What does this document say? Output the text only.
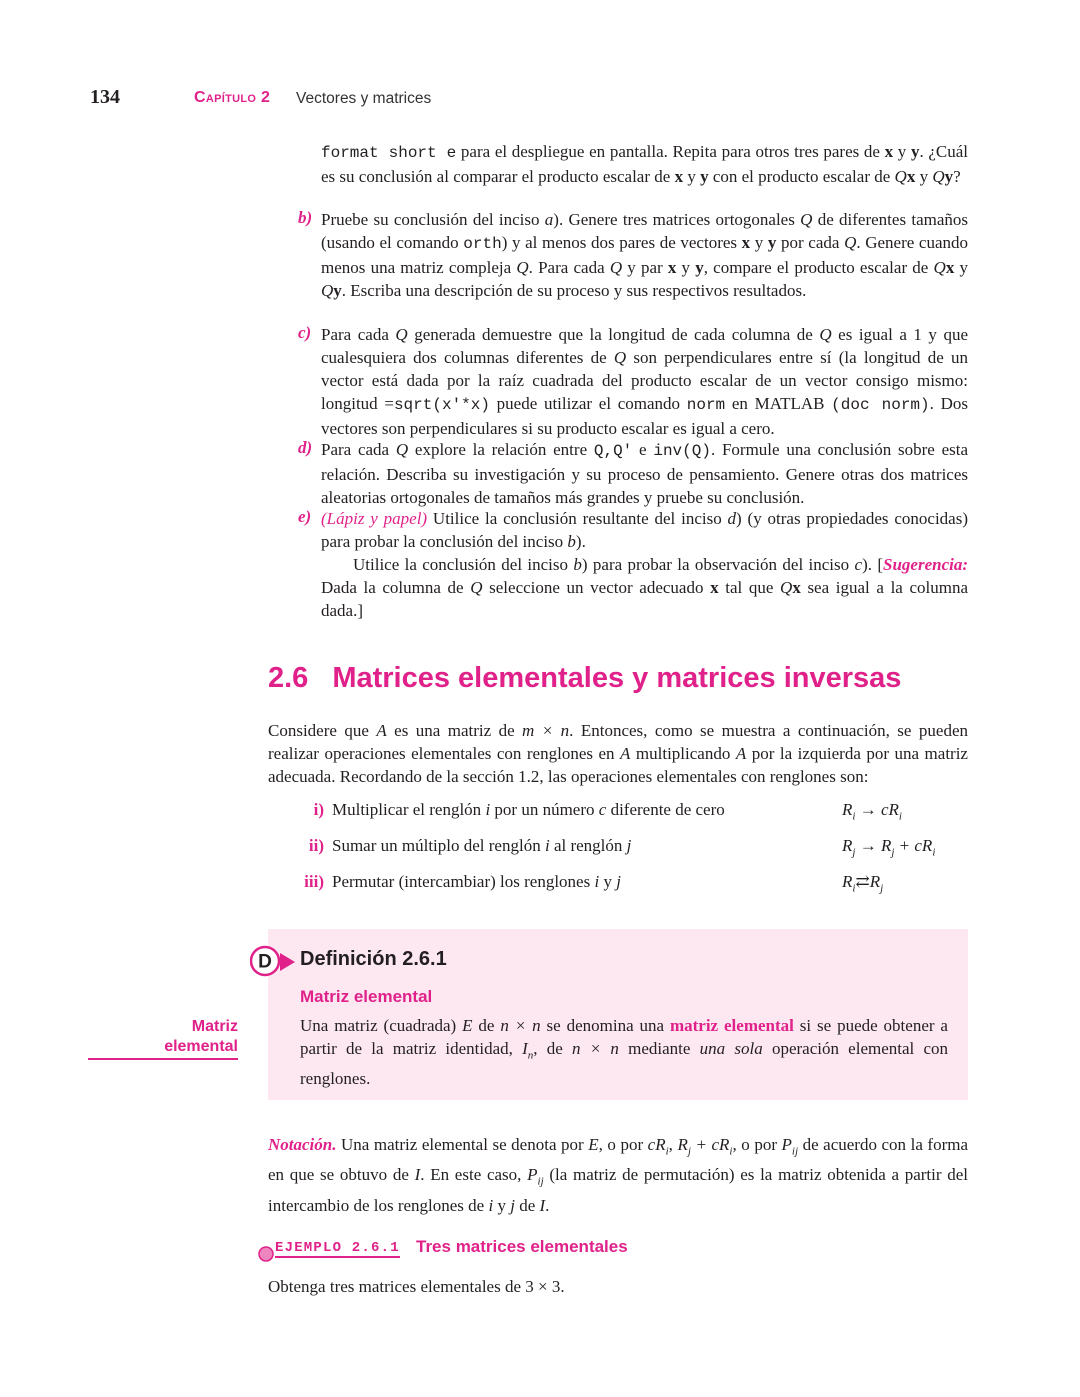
134	Capítulo 2 Vectores y matrices

format short e para el despliegue en pantalla. Repita para otros tres pares de x y y. ¿Cuál es su conclusión al comparar el producto escalar de x y y con el producto escalar de Qx y Qy?

b) Pruebe su conclusión del inciso a). Genere tres matrices ortogonales Q de diferentes tamaños (usando el comando orth) y al menos dos pares de vectores x y y por cada Q. Genere cuando menos una matriz compleja Q. Para cada Q y par x y y, compare el producto escalar de Qx y Qy. Escriba una descripción de su proceso y sus respectivos resultados.

c) Para cada Q generada demuestre que la longitud de cada columna de Q es igual a 1 y que cualesquiera dos columnas diferentes de Q son perpendiculares entre sí (la longitud de un vector está dada por la raíz cuadrada del producto escalar de un vector consigo mismo: longitud =sqrt(x'*x) puede utilizar el comando norm en MATLAB (doc norm). Dos vectores son perpendiculares si su producto escalar es igual a cero.

d) Para cada Q explore la relación entre Q,Q' e inv(Q). Formule una conclusión sobre esta relación. Describa su investigación y su proceso de pensamiento. Genere otras dos matrices aleatorias ortogonales de tamaños más grandes y pruebe su conclusión.

e) (Lápiz y papel) Utilice la conclusión resultante del inciso d) (y otras propiedades conocidas) para probar la conclusión del inciso b).

Utilice la conclusión del inciso b) para probar la observación del inciso c). [Sugerencia: Dada la columna de Q seleccione un vector adecuado x tal que Qx sea igual a la columna dada.]

2.6 Matrices elementales y matrices inversas

Considere que A es una matriz de m × n. Entonces, como se muestra a continuación, se pueden realizar operaciones elementales con renglones en A multiplicando A por la izquierda por una matriz adecuada. Recordando de la sección 1.2, las operaciones elementales con renglones son:

i) Multiplicar el renglón i por un número c diferente de cero	$R_i \to cR_i$
ii) Sumar un múltiplo del renglón i al renglón j	$R_j \to R_j + cR_i$
iii) Permutar (intercambiar) los renglones i y j	$R_i⇄R_j$
D Definición 2.6.1
Matriz elemental

Una matriz (cuadrada) E de n × n se denomina una matriz elemental si se puede obtener a partir de la matriz identidad, $I_n$, de n × n mediante una sola operación elemental con renglones.

Matriz
elemental

Notación. Una matriz elemental se denota por E, o por $cR_i$, $R_j + cR_i$, o por $P_{ij}$ de acuerdo con la forma en que se obtuvo de I. En este caso, $P_{ij}$ (la matriz de permutación) es la matriz obtenida a partir del intercambio de los renglones de i y j de I.

EJEMPLO 2.6.1 Tres matrices elementales
Obtenga tres matrices elementales de 3 × 3.
